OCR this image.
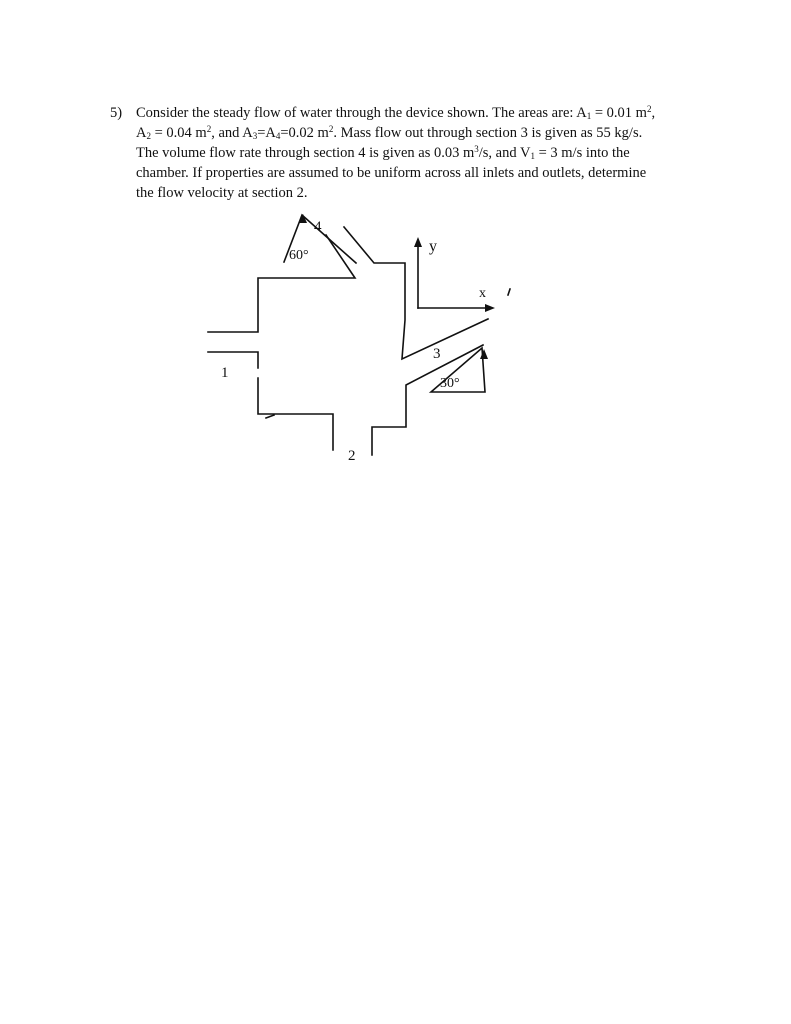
5) Consider the steady flow of water through the device shown. The areas are: $A_1 = 0.01$ $m^2$,
$A_2 = 0.04$ $m^2$, and $A_3=A_4=0.02$ $m^2$. Mass flow out through section 3 is given as 55 kg/s.
The volume flow rate through section 4 is given as 0.03 $m^3/s$, and $V_1 = 3$ m/s into the
chamber. If properties are assumed to be uniform across all inlets and outlets, determine
the flow velocity at section 2.
60°
4
y
x
1
2
3
30°
